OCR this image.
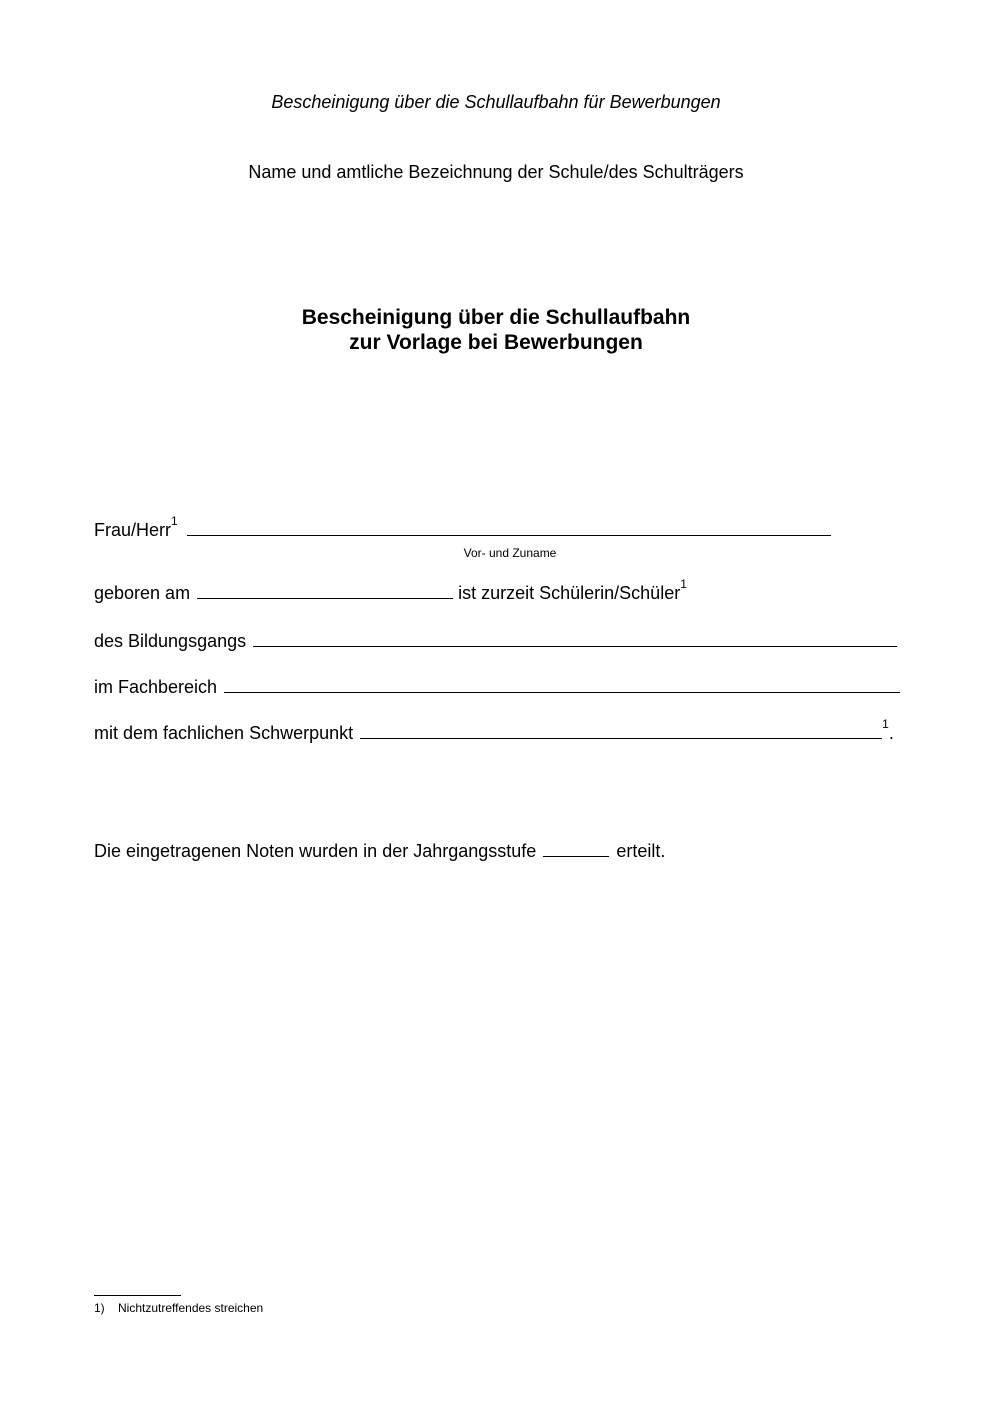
Bescheinigung über die Schullaufbahn für Bewerbungen
Name und amtliche Bezeichnung der Schule/des Schulträgers
Bescheinigung über die Schullaufbahn
zur Vorlage bei Bewerbungen
Frau/Herr$^1$
Vor- und Zuname
geboren am	ist zurzeit Schülerin/Schüler$^1$
des Bildungsgangs
im Fachbereich
mit dem fachlichen Schwerpunkt	$^1$.
Die eingetragenen Noten wurden in der Jahrgangsstufe	erteilt.
1) Nichtzutreffendes streichen
